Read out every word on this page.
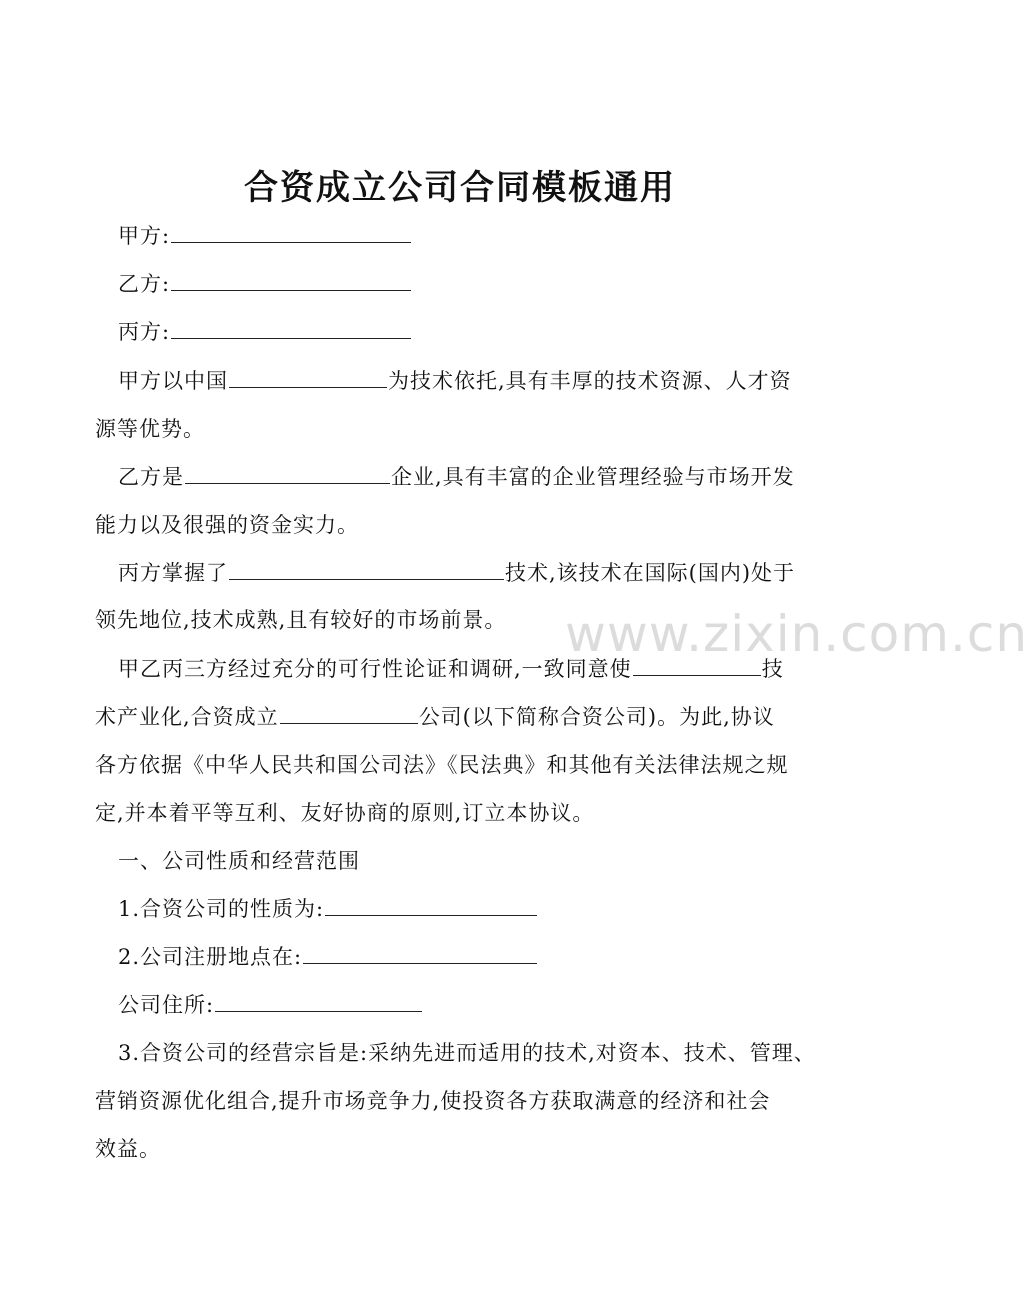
合资成立公司合同模板通用
甲方:
乙方:
丙方:
甲方以中国	为技术依托,具有丰厚的技术资源、人才资
源等优势。
乙方是	企业,具有丰富的企业管理经验与市场开发
能力以及很强的资金实力。
丙方掌握了	技术,该技术在国际(国内)处于
领先地位,技术成熟,且有较好的市场前景。 www.zixin.com.cn
甲乙丙三方经过充分的可行性论证和调研,一致同意使	技
术产业化,合资成立	公司(以下简称合资公司)。为此,协议
各方依据《中华人民共和国公司法》《民法典》和其他有关法律法规之规
定,并本着平等互利、友好协商的原则,订立本协议。
一、公司性质和经营范围
1.合资公司的性质为:
2.公司注册地点在:
公司住所:
3.合资公司的经营宗旨是:采纳先进而适用的技术,对资本、技术、管理、
营销资源优化组合,提升市场竞争力,使投资各方获取满意的经济和社会
效益。
